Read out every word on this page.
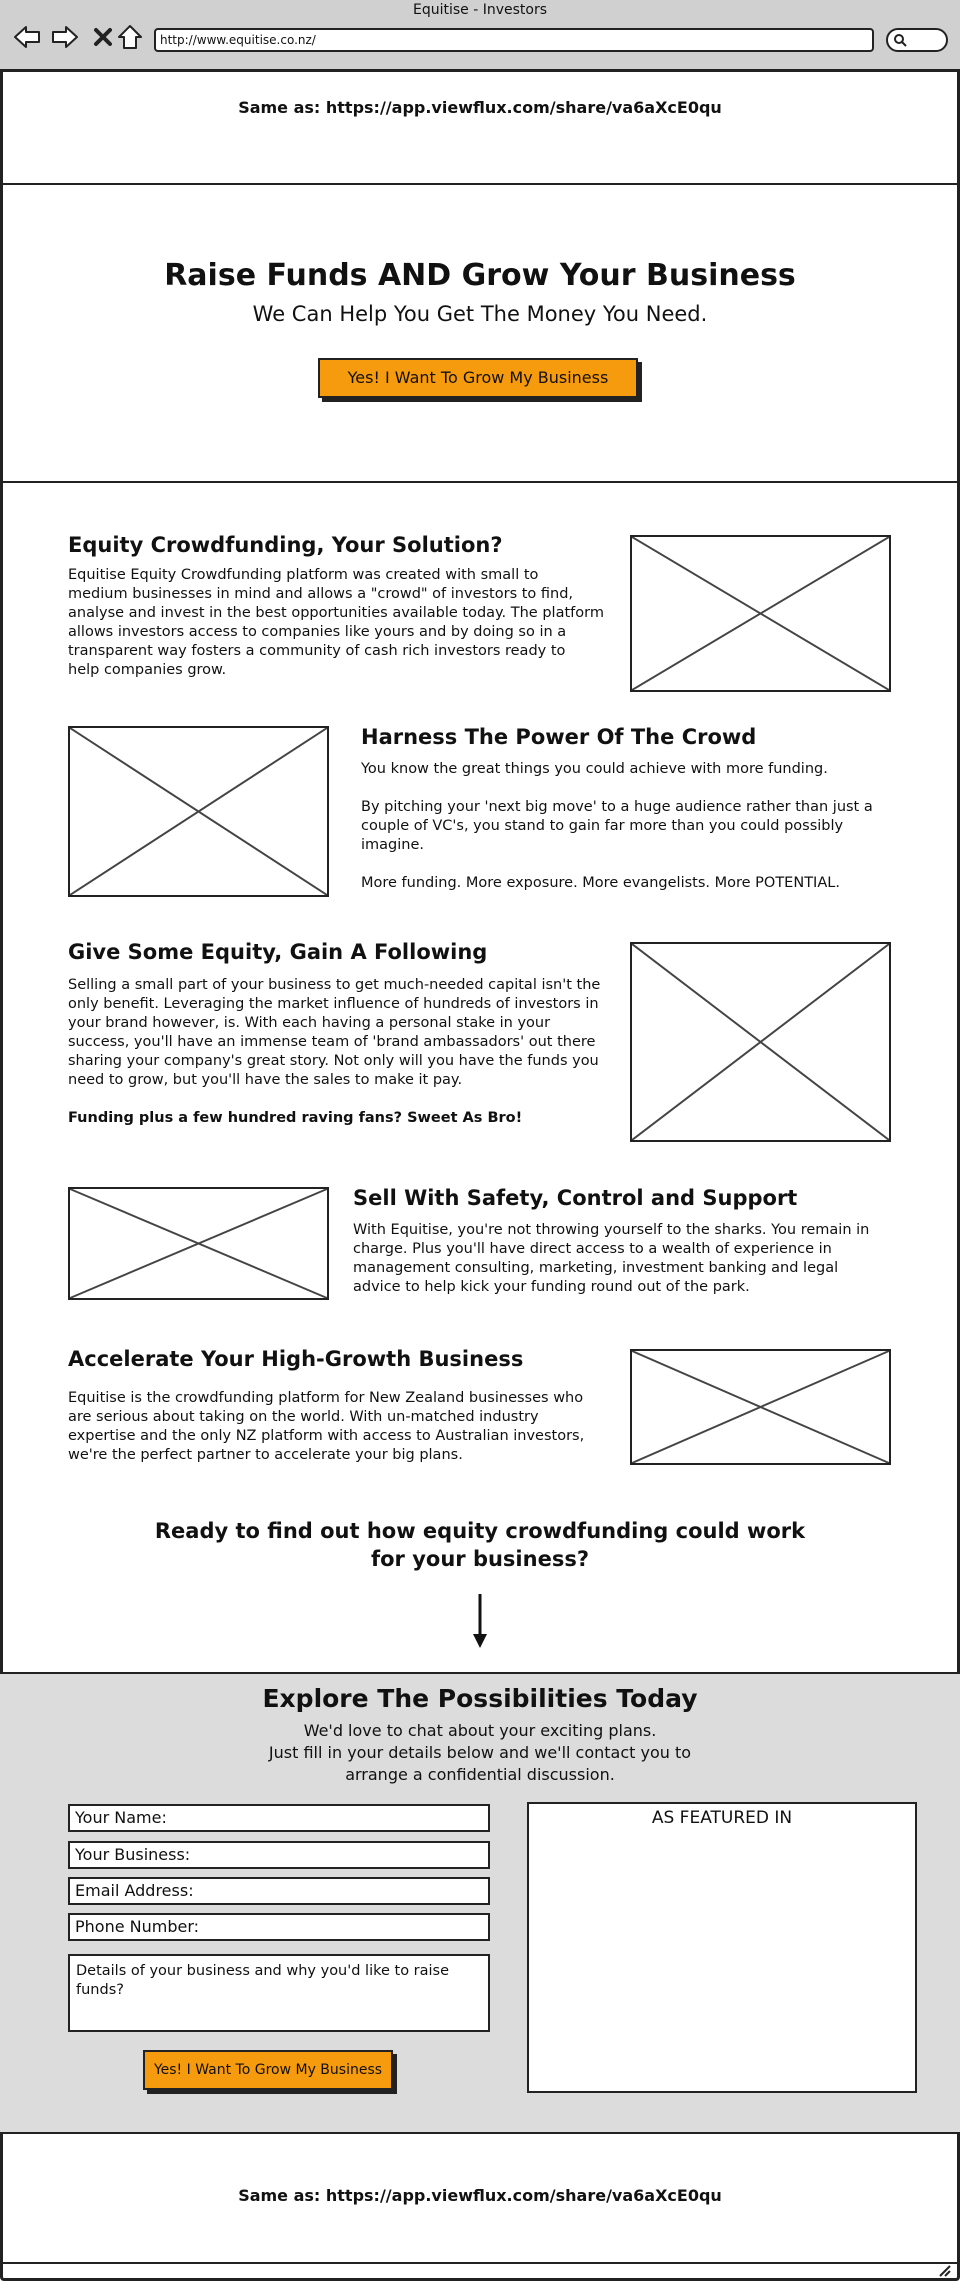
Equitise - Investors
http://www.equitise.co.nz/
Same as: https://app.viewflux.com/share/va6aXcE0qu
Raise Funds AND Grow Your Business
We Can Help You Get The Money You Need.
Yes! I Want To Grow My Business
Equity Crowdfunding, Your Solution?
Equitise Equity Crowdfunding platform was created with small to
medium businesses in mind and allows a "crowd" of investors to find,
analyse and invest in the best opportunities available today. The platform
allows investors access to companies like yours and by doing so in a
transparent way fosters a community of cash rich investors ready to
help companies grow.
Harness The Power Of The Crowd
You know the great things you could achieve with more funding.
By pitching your 'next big move' to a huge audience rather than just a
couple of VC's, you stand to gain far more than you could possibly
imagine.
More funding. More exposure. More evangelists. More POTENTIAL.
Give Some Equity, Gain A Following
Selling a small part of your business to get much-needed capital isn't the
only benefit. Leveraging the market influence of hundreds of investors in
your brand however, is. With each having a personal stake in your
success, you'll have an immense team of 'brand ambassadors' out there
sharing your company's great story. Not only will you have the funds you
need to grow, but you'll have the sales to make it pay.
Funding plus a few hundred raving fans? Sweet As Bro!
Sell With Safety, Control and Support
With Equitise, you're not throwing yourself to the sharks. You remain in
charge. Plus you'll have direct access to a wealth of experience in
management consulting, marketing, investment banking and legal
advice to help kick your funding round out of the park.
Accelerate Your High-Growth Business
Equitise is the crowdfunding platform for New Zealand businesses who
are serious about taking on the world. With un-matched industry
expertise and the only NZ platform with access to Australian investors,
we're the perfect partner to accelerate your big plans.
Ready to find out how equity crowdfunding could work
for your business?
Explore The Possibilities Today
We'd love to chat about your exciting plans.
Just fill in your details below and we'll contact you to
arrange a confidential discussion.
Your Name:
Your Business:
Email Address:
Phone Number:
Details of your business and why you'd like to raise funds?
Yes! I Want To Grow My Business
AS FEATURED IN
Same as: https://app.viewflux.com/share/va6aXcE0qu
